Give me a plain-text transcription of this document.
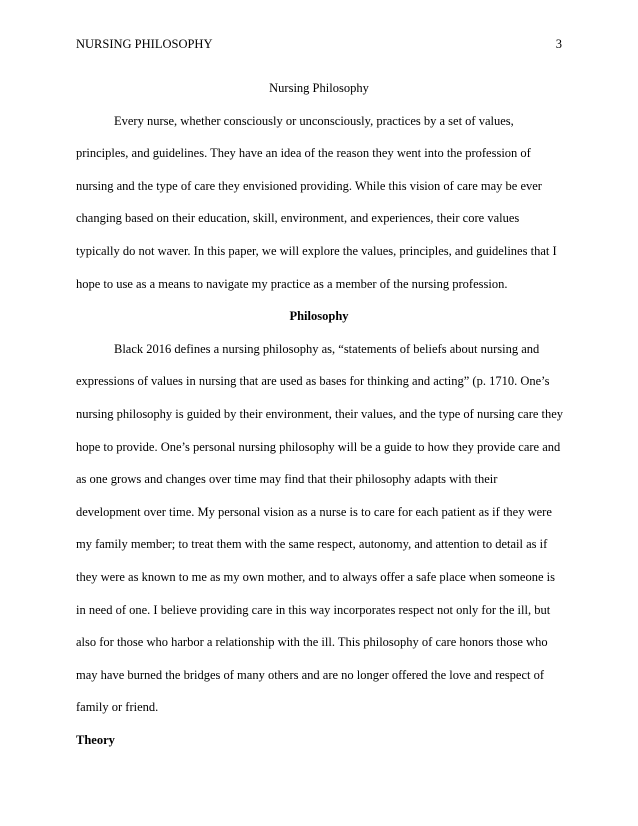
NURSING PHILOSOPHY	3

Nursing Philosophy

Every nurse, whether consciously or unconsciously, practices by a set of values,
principles, and guidelines. They have an idea of the reason they went into the profession of
nursing and the type of care they envisioned providing. While this vision of care may be ever
changing based on their education, skill, environment, and experiences, their core values
typically do not waver. In this paper, we will explore the values, principles, and guidelines that I
hope to use as a means to navigate my practice as a member of the nursing profession.

Philosophy

Black 2016 defines a nursing philosophy as, “statements of beliefs about nursing and
expressions of values in nursing that are used as bases for thinking and acting” (p. 1710. One’s
nursing philosophy is guided by their environment, their values, and the type of nursing care they
hope to provide. One’s personal nursing philosophy will be a guide to how they provide care and
as one grows and changes over time may find that their philosophy adapts with their
development over time. My personal vision as a nurse is to care for each patient as if they were
my family member; to treat them with the same respect, autonomy, and attention to detail as if
they were as known to me as my own mother, and to always offer a safe place when someone is
in need of one. I believe providing care in this way incorporates respect not only for the ill, but
also for those who harbor a relationship with the ill. This philosophy of care honors those who
may have burned the bridges of many others and are no longer offered the love and respect of
family or friend.

Theory
